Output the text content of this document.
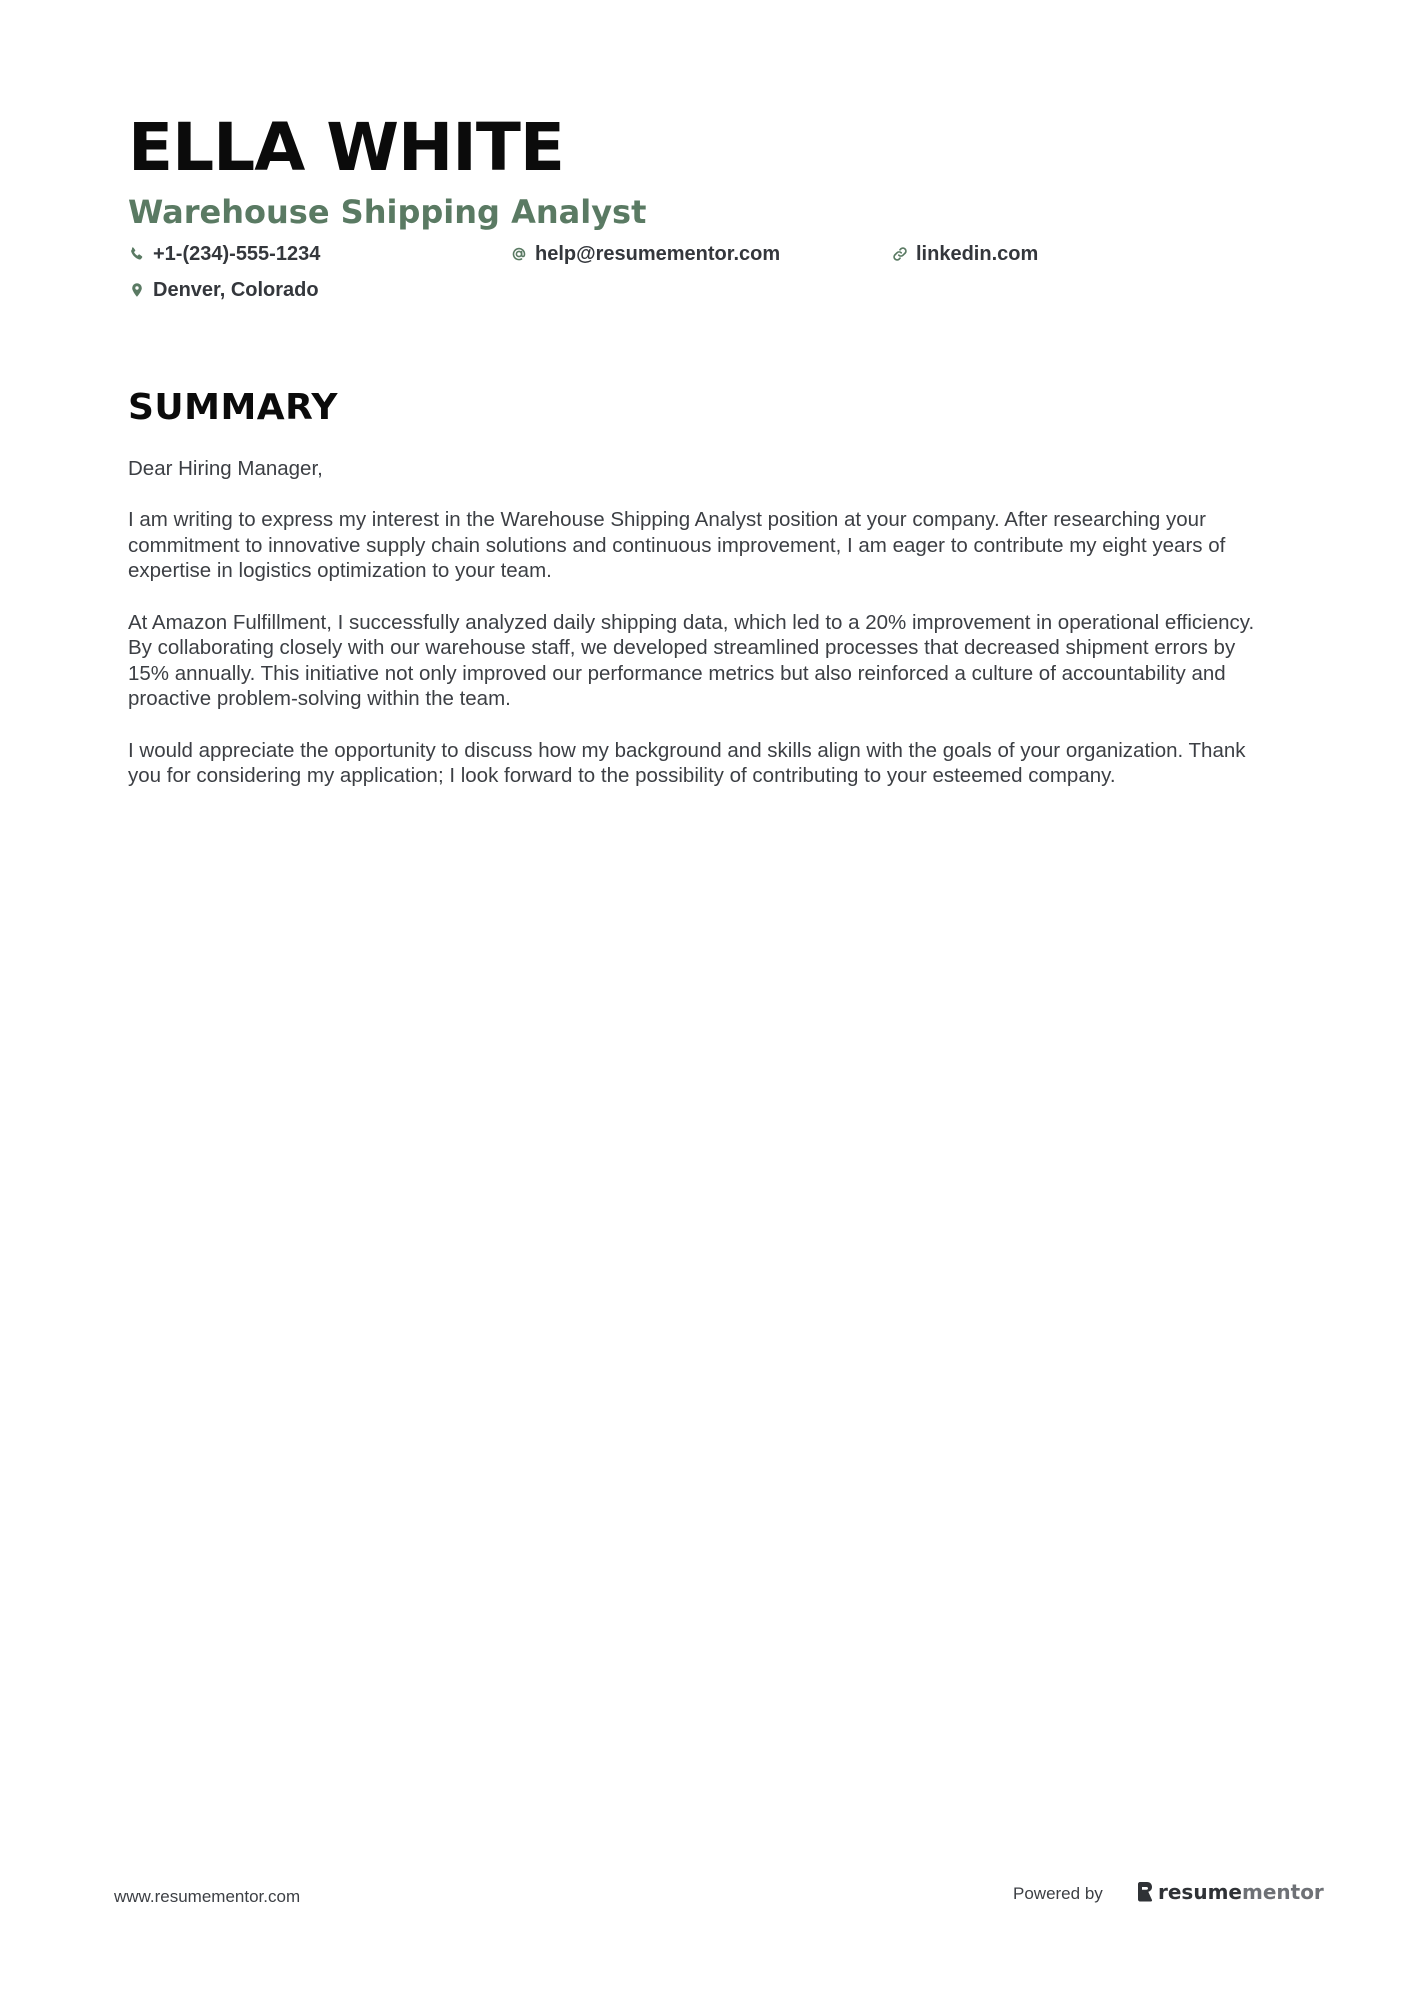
ELLA WHITE
Warehouse Shipping Analyst
+1-(234)-555-1234	help@resumementor.com	linkedin.com
Denver, Colorado
SUMMARY

Dear Hiring Manager,

I am writing to express my interest in the Warehouse Shipping Analyst position at your company. After researching your commitment to innovative supply chain solutions and continuous improvement, I am eager to contribute my eight years of expertise in logistics optimization to your team.

At Amazon Fulfillment, I successfully analyzed daily shipping data, which led to a 20% improvement in operational efficiency. By collaborating closely with our warehouse staff, we developed streamlined processes that decreased shipment errors by 15% annually. This initiative not only improved our performance metrics but also reinforced a culture of accountability and proactive problem-solving within the team.

I would appreciate the opportunity to discuss how my background and skills align with the goals of your organization. Thank you for considering my application; I look forward to the possibility of contributing to your esteemed company.

www.resumementor.com	Powered by	resume mentor
